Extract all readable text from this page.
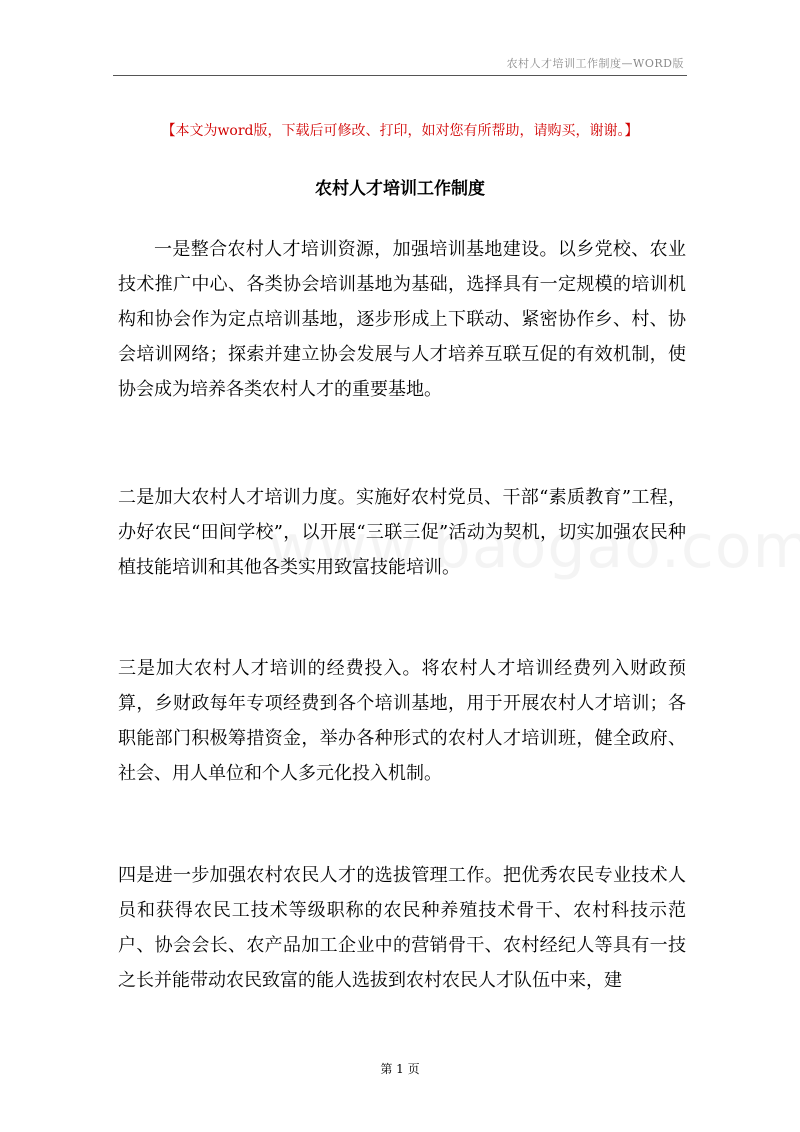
农村人才培训工作制度—WORD版
【本文为word版，下载后可修改、打印，如对您有所帮助，请购买，谢谢。】
农村人才培训工作制度

一是整合农村人才培训资源，加强培训基地建设。以乡党校、农业技术推广中心、各类协会培训基地为基础，选择具有一定规模的培训机构和协会作为定点培训基地，逐步形成上下联动、紧密协作乡、村、协会培训网络；探索并建立协会发展与人才培养互联互促的有效机制，使协会成为培养各类农村人才的重要基地。

二是加大农村人才培训力度。实施好农村党员、干部“素质教育”工程，办好农民“田间学校”，以开展“三联三促”活动为契机，切实加强农民种植技能培训和其他各类实用致富技能培训。

三是加大农村人才培训的经费投入。将农村人才培训经费列入财政预算，乡财政每年专项经费到各个培训基地，用于开展农村人才培训；各职能部门积极筹措资金，举办各种形式的农村人才培训班，健全政府、社会、用人单位和个人多元化投入机制。

四是进一步加强农村农民人才的选拔管理工作。把优秀农民专业技术人员和获得农民工技术等级职称的农民种养殖技术骨干、农村科技示范户、协会会长、农产品加工企业中的营销骨干、农村经纪人等具有一技之长并能带动农民致富的能人选拔到农村农民人才队伍中来，建

第 1 页
